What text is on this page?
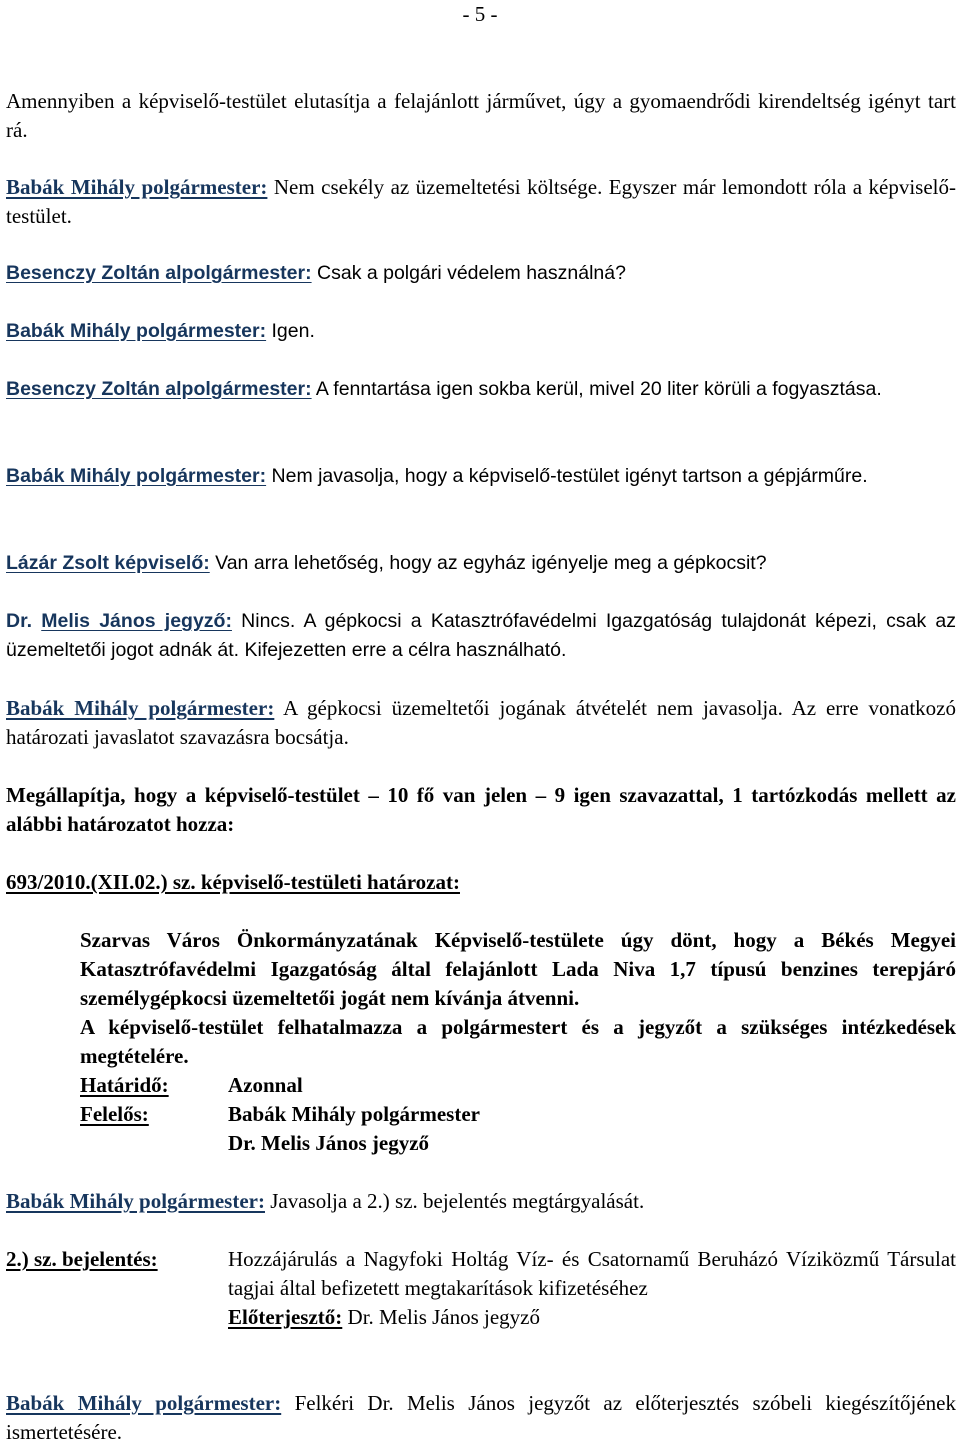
- 5 -

Amennyiben a képviselő-testület elutasítja a felajánlott járművet, úgy a gyomaendrődi kirendeltség igényt tart rá.

Babák Mihály polgármester: Nem csekély az üzemeltetési költsége. Egyszer már lemondott róla a képviselő-testület.

Besenczy Zoltán alpolgármester: Csak a polgári védelem használná?

Babák Mihály polgármester: Igen.

Besenczy Zoltán alpolgármester: A fenntartása igen sokba kerül, mivel 20 liter körüli a fogyasztása.

Babák Mihály polgármester: Nem javasolja, hogy a képviselő-testület igényt tartson a gépjárműre.

Lázár Zsolt képviselő: Van arra lehetőség, hogy az egyház igényelje meg a gépkocsit?

Dr. Melis János jegyző: Nincs. A gépkocsi a Katasztrófavédelmi Igazgatóság tulajdonát képezi, csak az üzemeltetői jogot adnák át. Kifejezetten erre a célra használható.

Babák Mihály polgármester: A gépkocsi üzemeltetői jogának átvételét nem javasolja. Az erre vonatkozó határozati javaslatot szavazásra bocsátja.

Megállapítja, hogy a képviselő-testület – 10 fő van jelen – 9 igen szavazattal, 1 tartózkodás mellett az alábbi határozatot hozza:

693/2010.(XII.02.) sz. képviselő-testületi határozat:

Szarvas Város Önkormányzatának Képviselő-testülete úgy dönt, hogy a Békés Megyei Katasztrófavédelmi Igazgatóság által felajánlott Lada Niva 1,7 típusú benzines terepjáró személygépkocsi üzemeltetői jogát nem kívánja átvenni.

A képviselő-testület felhatalmazza a polgármestert és a jegyzőt a szükséges intézkedések megtételére.

Határidő:	Azonnal
Felelős:	Babák Mihály polgármester
Dr. Melis János jegyző

Babák Mihály polgármester: Javasolja a 2.) sz. bejelentés megtárgyalását.

2.) sz. bejelentés:	Hozzájárulás a Nagyfoki Holtág Víz- és Csatornamű Beruházó Víziközmű Társulat tagjai által befizetett megtakarítások kifizetéséhez

Előterjesztő: Dr. Melis János jegyző

Babák Mihály polgármester: Felkéri Dr. Melis János jegyzőt az előterjesztés szóbeli kiegészítőjének ismertetésére.
